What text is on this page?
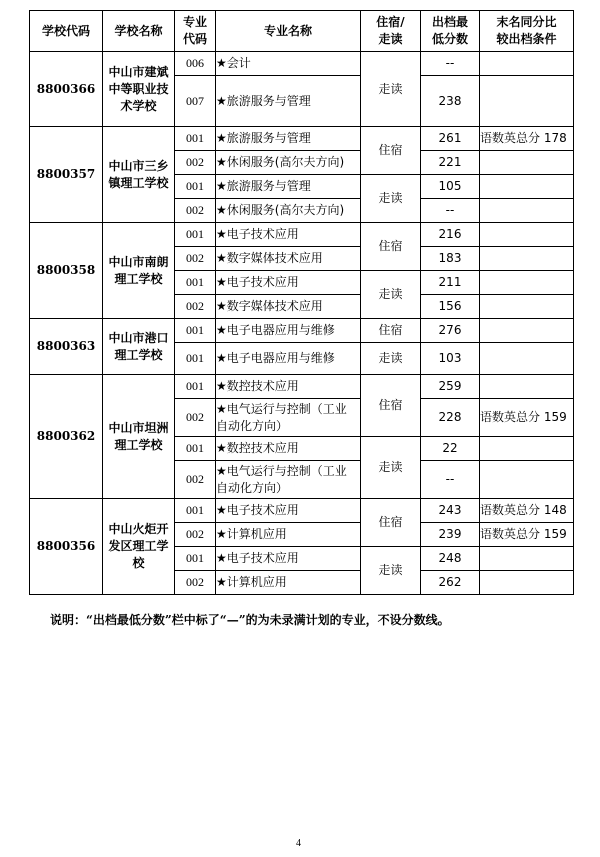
学校代码	学校名称	专业代码	专业名称	住宿/走读	出档最低分数	末名同分比较出档条件

8800366	中山市建斌中等职业技术学校	006	★会计	走读	--	
		007	★旅游服务与管理		238	
8800357	中山市三乡镇理工学校	001	★旅游服务与管理	住宿	261	语数英总分 178
		002	★休闲服务(高尔夫方向)		221	
		001	★旅游服务与管理	走读	105	
		002	★休闲服务(高尔夫方向)		--	
8800358	中山市南朗理工学校	001	★电子技术应用	住宿	216	
		002	★数字媒体技术应用		183	
		001	★电子技术应用	走读	211	
		002	★数字媒体技术应用		156	
8800363	中山市港口理工学校	001	★电子电器应用与维修	住宿	276	
		001	★电子电器应用与维修	走读	103	
8800362	中山市坦洲理工学校	001	★数控技术应用	住宿	259	
		002	★电气运行与控制（工业自动化方向）		228	语数英总分 159
		001	★数控技术应用	走读	22	
		002	★电气运行与控制（工业自动化方向）		--	
8800356	中山火炬开发区理工学校	001	★电子技术应用	住宿	243	语数英总分 148
		002	★计算机应用		239	语数英总分 159
		001	★电子技术应用	走读	248	
		002	★计算机应用		262	
说明：“出档最低分数”栏中标了“—”的为未录满计划的专业，不设分数线。
4
